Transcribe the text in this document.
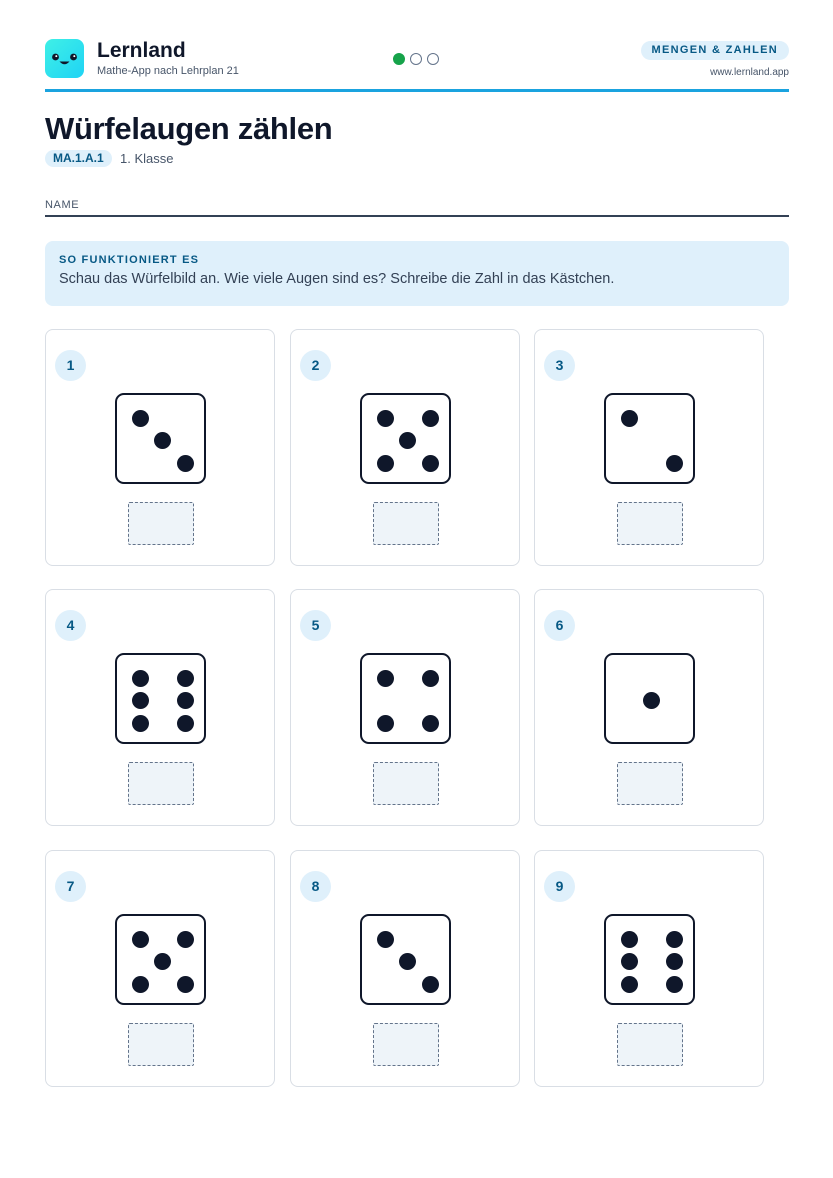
Lernland
Mathe-App nach Lehrplan 21
MENGEN & ZAHLEN
www.lernland.app
Würfelaugen zählen
MA.1.A.1	1. Klasse
NAME
SO FUNKTIONIERT ES
Schau das Würfelbild an. Wie viele Augen sind es? Schreibe die Zahl in das Kästchen.
1	2	3
4	5	6
7	8	9
